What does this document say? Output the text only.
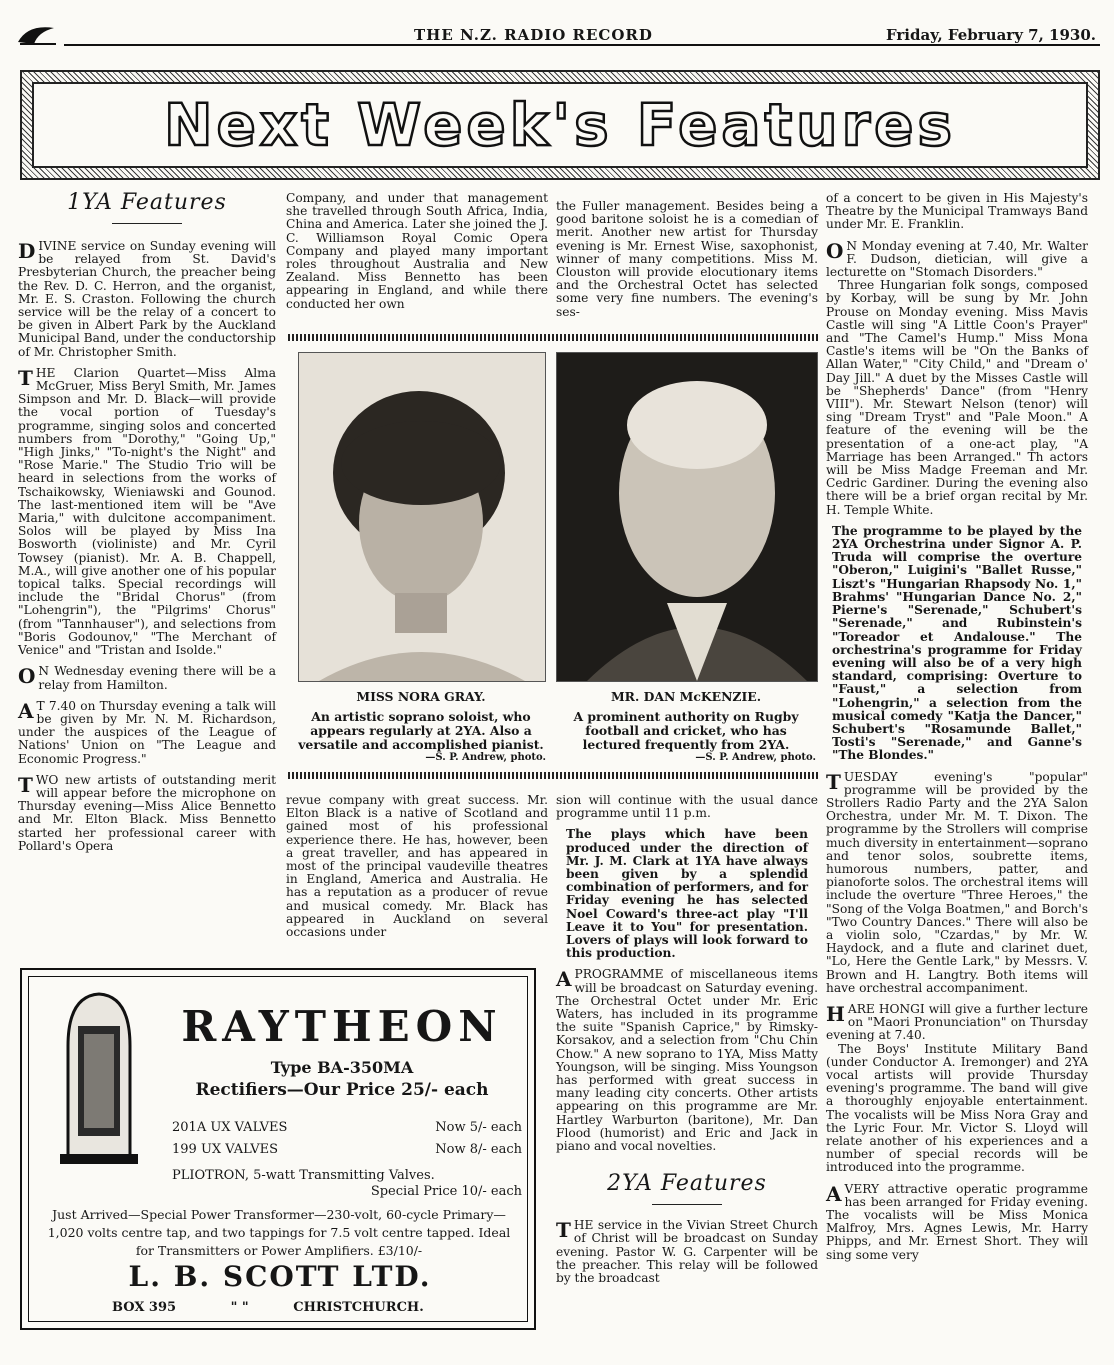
THE N.Z. RADIO RECORD	Friday, February 7, 1930.
Next Week's Features
1YA Features

DIVINE service on Sunday evening will be relayed from St. David's Presbyterian Church, the preacher being the Rev. D. C. Herron, and the organist, Mr. E. S. Craston. Following the church service will be the relay of a concert to be given in Albert Park by the Auckland Municipal Band, under the conductorship of Mr. Christopher Smith.

THE Clarion Quartet—Miss Alma McGruer, Miss Beryl Smith, Mr. James Simpson and Mr. D. Black—will provide the vocal portion of Tuesday's programme, singing solos and concerted numbers from "Dorothy," "Going Up," "High Jinks," "To-night's the Night" and "Rose Marie." The Studio Trio will be heard in selections from the works of Tschaikowsky, Wieniawski and Gounod. The last-mentioned item will be "Ave Maria," with dulcitone accompaniment. Solos will be played by Miss Ina Bosworth (violiniste) and Mr. Cyril Towsey (pianist). Mr. A. B. Chappell, M.A., will give another one of his popular topical talks. Special recordings will include the "Bridal Chorus" (from "Lohengrin"), the "Pilgrims' Chorus" (from "Tannhauser"), and selections from "Boris Godounov," "The Merchant of Venice" and "Tristan and Isolde."

ON Wednesday evening there will be a relay from Hamilton.

AT 7.40 on Thursday evening a talk will be given by Mr. N. M. Richardson, under the auspices of the League of Nations' Union on "The League and Economic Progress."

TWO new artists of outstanding merit will appear before the microphone on Thursday evening—Miss Alice Bennetto and Mr. Elton Black. Miss Bennetto started her professional career with Pollard's Opera

Company, and under that management she travelled through South Africa, India, China and America. Later she joined the J. C. Williamson Royal Comic Opera Company and played many important roles throughout Australia and New Zealand. Miss Bennetto has been appearing in England, and while there conducted her own

the Fuller management. Besides being a good baritone soloist he is a comedian of merit. Another new artist for Thursday evening is Mr. Ernest Wise, saxophonist, winner of many competitions. Miss M. Clouston will provide elocutionary items and the Orchestral Octet has selected some very fine numbers. The evening's ses-

MISS NORA GRAY.
An artistic soprano soloist, who appears regularly at 2YA. Also a versatile and accomplished pianist.
—S. P. Andrew, photo.
MR. DAN McKENZIE.
A prominent authority on Rugby football and cricket, who has lectured frequently from 2YA.
—S. P. Andrew, photo.

revue company with great success. Mr. Elton Black is a native of Scotland and gained most of his professional experience there. He has, however, been a great traveller, and has appeared in most of the principal vaudeville theatres in England, America and Australia. He has a reputation as a producer of revue and musical comedy. Mr. Black has appeared in Auckland on several occasions under

sion will continue with the usual dance programme until 11 p.m.

The plays which have been produced under the direction of Mr. J. M. Clark at 1YA have always been given by a splendid combination of performers, and for Friday evening he has selected Noel Coward's three-act play "I'll Leave it to You" for presentation. Lovers of plays will look forward to this production.

APROGRAMME of miscellaneous items will be broadcast on Saturday evening. The Orchestral Octet under Mr. Eric Waters, has included in its programme the suite "Spanish Caprice," by Rimsky-Korsakov, and a selection from "Chu Chin Chow." A new soprano to 1YA, Miss Matty Youngson, will be singing. Miss Youngson has performed with great success in many leading city concerts. Other artists appearing on this programme are Mr. Hartley Warburton (baritone), Mr. Dan Flood (humorist) and Eric and Jack in piano and vocal novelties.

2YA Features

THE service in the Vivian Street Church of Christ will be broadcast on Sunday evening. Pastor W. G. Carpenter will be the preacher. This relay will be followed by the broadcast

of a concert to be given in His Majesty's Theatre by the Municipal Tramways Band under Mr. E. Franklin.

ON Monday evening at 7.40, Mr. Walter F. Dudson, dietician, will give a lecturette on "Stomach Disorders."

Three Hungarian folk songs, composed by Korbay, will be sung by Mr. John Prouse on Monday evening. Miss Mavis Castle will sing "A Little Coon's Prayer" and "The Camel's Hump." Miss Mona Castle's items will be "On the Banks of Allan Water," "City Child," and "Dream o' Day Jill." A duet by the Misses Castle will be "Shepherds' Dance" (from "Henry VIII"). Mr. Stewart Nelson (tenor) will sing "Dream Tryst" and "Pale Moon." A feature of the evening will be the presentation of a one-act play, "A Marriage has been Arranged." Th actors will be Miss Madge Freeman and Mr. Cedric Gardiner. During the evening also there will be a brief organ recital by Mr. H. Temple White.

The programme to be played by the 2YA Orchestrina under Signor A. P. Truda will comprise the overture "Oberon," Luigini's "Ballet Russe," Liszt's "Hungarian Rhapsody No. 1," Brahms' "Hungarian Dance No. 2," Pierne's "Serenade," Schubert's "Serenade," and Rubinstein's "Toreador et Andalouse." The orchestrina's programme for Friday evening will also be of a very high standard, comprising: Overture to "Faust," a selection from "Lohengrin," a selection from the musical comedy "Katja the Dancer," Schubert's "Rosamunde Ballet," Tosti's "Serenade," and Ganne's "The Blondes."

TUESDAY evening's "popular" programme will be provided by the Strollers Radio Party and the 2YA Salon Orchestra, under Mr. M. T. Dixon. The programme by the Strollers will comprise much diversity in entertainment—soprano and tenor solos, soubrette items, humorous numbers, patter, and pianoforte solos. The orchestral items will include the overture "Three Heroes," the "Song of the Volga Boatmen," and Borch's "Two Country Dances." There will also be a violin solo, "Czardas," by Mr. W. Haydock, and a flute and clarinet duet, "Lo, Here the Gentle Lark," by Messrs. V. Brown and H. Langtry. Both items will have orchestral accompaniment.

HARE HONGI will give a further lecture on "Maori Pronunciation" on Thursday evening at 7.40.

The Boys' Institute Military Band (under Conductor A. Iremonger) and 2YA vocal artists will provide Thursday evening's programme. The band will give a thoroughly enjoyable entertainment. The vocalists will be Miss Nora Gray and the Lyric Four. Mr. Victor S. Lloyd will relate another of his experiences and a number of special records will be introduced into the programme.

AVERY attractive operatic programme has been arranged for Friday evening. The vocalists will be Miss Monica Malfroy, Mrs. Agnes Lewis, Mr. Harry Phipps, and Mr. Ernest Short. They will sing some very

RAYTHEON
Type BA-350MA
Rectifiers—Our Price 25/- each
201A UX VALVES	Now 5/- each
199 UX VALVES	Now 8/- each
PLIOTRON, 5-watt Transmitting Valves.
Special Price 10/- each
Just Arrived—Special Power Transformer—230-volt, 60-cycle Primary—1,020 volts centre tap, and two tappings for 7.5 volt centre tapped. Ideal for Transmitters or Power Amplifiers. £3/10/-
L. B. SCOTT LTD.
BOX 395	" "	CHRISTCHURCH.
